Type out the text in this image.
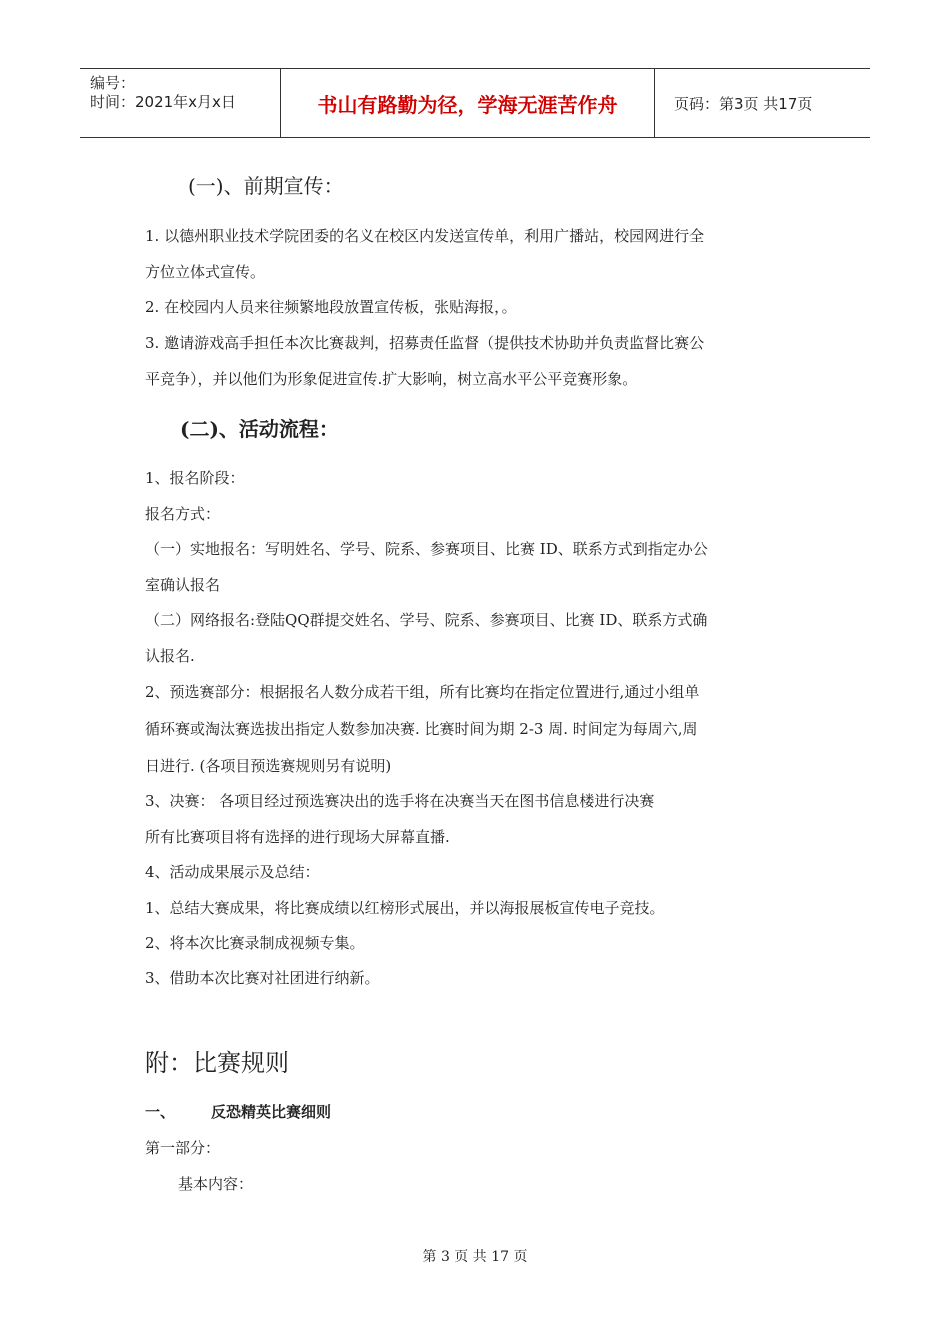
编号：
时间：2021年x月x日	书山有路勤为径，学海无涯苦作舟	页码：第3页 共17页
(一)、前期宣传：
1. 以德州职业技术学院团委的名义在校区内发送宣传单，利用广播站，校园网进行全
方位立体式宣传。
2. 在校园内人员来往频繁地段放置宣传板，张贴海报，。
3. 邀请游戏高手担任本次比赛裁判，招募责任监督（提供技术协助并负责监督比赛公
平竞争），并以他们为形象促进宣传.扩大影响，树立高水平公平竞赛形象。
(二)、活动流程：
1、报名阶段：
报名方式：
（一）实地报名：写明姓名、学号、院系、参赛项目、比赛 ID、联系方式到指定办公
室确认报名
（二）网络报名:登陆QQ群提交姓名、学号、院系、参赛项目、比赛 ID、联系方式确
认报名.
2、预选赛部分：根据报名人数分成若干组，所有比赛均在指定位置进行,通过小组单
循环赛或淘汰赛选拔出指定人数参加决赛. 比赛时间为期 2-3 周. 时间定为每周六,周
日进行. (各项目预选赛规则另有说明)
3、决赛： 各项目经过预选赛决出的选手将在决赛当天在图书信息楼进行决赛
所有比赛项目将有选择的进行现场大屏幕直播.
4、活动成果展示及总结：
1、总结大赛成果，将比赛成绩以红榜形式展出，并以海报展板宣传电子竞技。
2、将本次比赛录制成视频专集。
3、借助本次比赛对社团进行纳新。
附：比赛规则
一、 反恐精英比赛细则
第一部分：
基本内容：
第 3 页 共 17 页
